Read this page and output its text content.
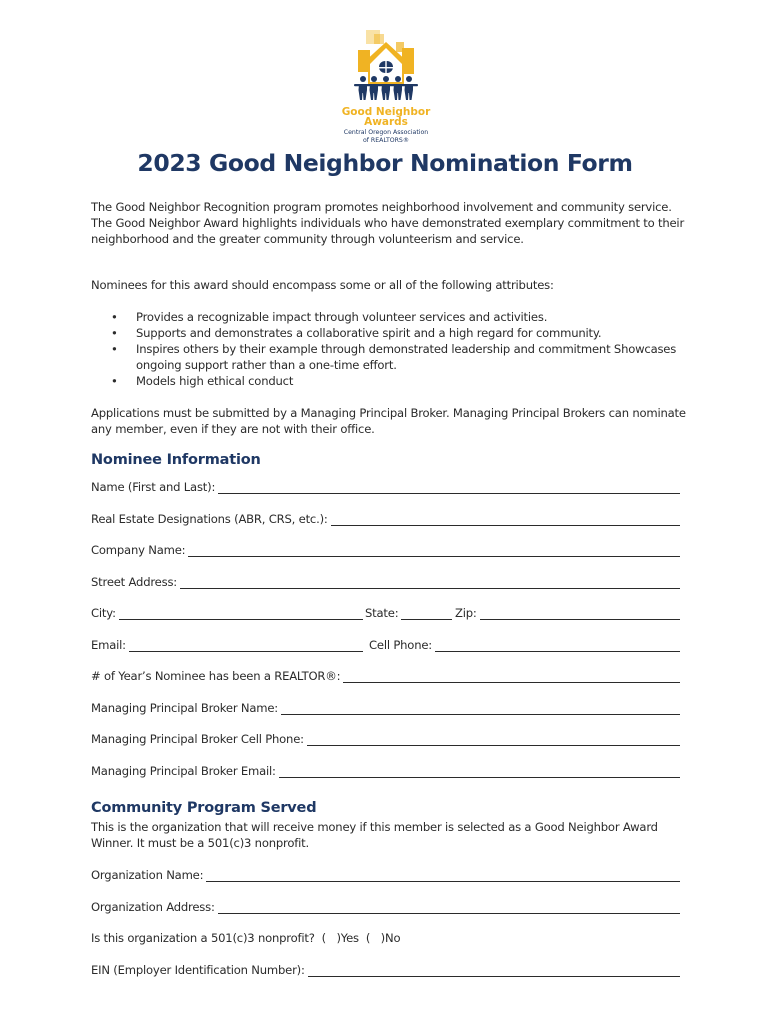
Good Neighbor
Awards
Central Oregon Association
of REALTORS®
2023 Good Neighbor Nomination Form

The Good Neighbor Recognition program promotes neighborhood involvement and community service. The Good Neighbor Award highlights individuals who have demonstrated exemplary commitment to their neighborhood and the greater community through volunteerism and service.

Nominees for this award should encompass some or all of the following attributes:

• Provides a recognizable impact through volunteer services and activities.
• Supports and demonstrates a collaborative spirit and a high regard for community.
• Inspires others by their example through demonstrated leadership and commitment Showcases ongoing support rather than a one-time effort.
• Models high ethical conduct

Applications must be submitted by a Managing Principal Broker. Managing Principal Brokers can nominate any member, even if they are not with their office.

Nominee Information
Name (First and Last):
Real Estate Designations (ABR, CRS, etc.):
Company Name:
Street Address:
City:	State:	Zip:
Email:	Cell Phone:
# of Year’s Nominee has been a REALTOR®:
Managing Principal Broker Name:
Managing Principal Broker Cell Phone:
Managing Principal Broker Email:
Community Program Served

This is the organization that will receive money if this member is selected as a Good Neighbor Award Winner. It must be a 501(c)3 nonprofit.

Organization Name:
Organization Address:
Is this organization a 501(c)3 nonprofit?  (   )Yes  (   )No
EIN (Employer Identification Number):
